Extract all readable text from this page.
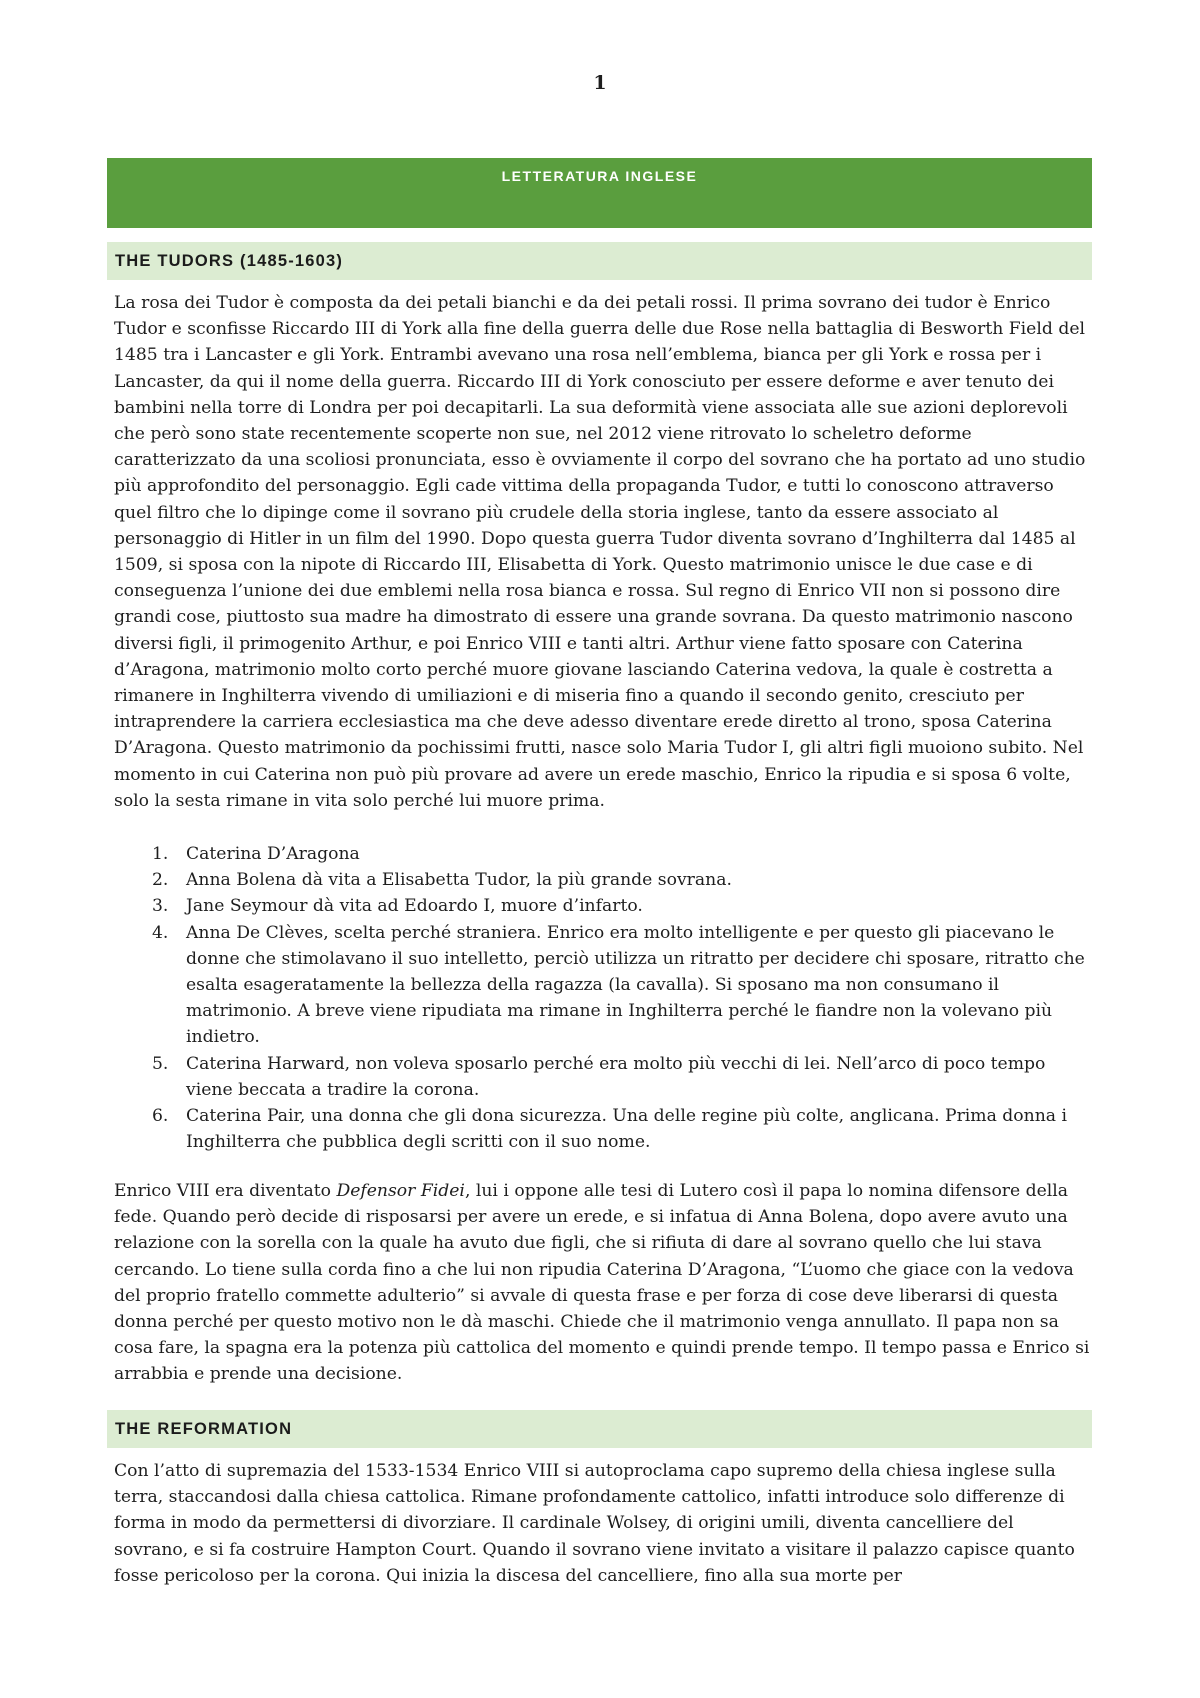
1
LETTERATURA INGLESE
THE TUDORS (1485-1603)

La rosa dei Tudor è composta da dei petali bianchi e da dei petali rossi. Il prima sovrano dei tudor è Enrico Tudor e sconfisse Riccardo III di York alla fine della guerra delle due Rose nella battaglia di Besworth Field del 1485 tra i Lancaster e gli York. Entrambi avevano una rosa nell’emblema, bianca per gli York e rossa per i Lancaster, da qui il nome della guerra. Riccardo III di York conosciuto per essere deforme e aver tenuto dei bambini nella torre di Londra per poi decapitarli. La sua deformità viene associata alle sue azioni deplorevoli che però sono state recentemente scoperte non sue, nel 2012 viene ritrovato lo scheletro deforme caratterizzato da una scoliosi pronunciata, esso è ovviamente il corpo del sovrano che ha portato ad uno studio più approfondito del personaggio. Egli cade vittima della propaganda Tudor, e tutti lo conoscono attraverso quel filtro che lo dipinge come il sovrano più crudele della storia inglese, tanto da essere associato al personaggio di Hitler in un film del 1990. Dopo questa guerra Tudor diventa sovrano d’Inghilterra dal 1485 al 1509, si sposa con la nipote di Riccardo III, Elisabetta di York. Questo matrimonio unisce le due case e di conseguenza l’unione dei due emblemi nella rosa bianca e rossa. Sul regno di Enrico VII non si possono dire grandi cose, piuttosto sua madre ha dimostrato di essere una grande sovrana. Da questo matrimonio nascono diversi figli, il primogenito Arthur, e poi Enrico VIII e tanti altri. Arthur viene fatto sposare con Caterina d’Aragona, matrimonio molto corto perché muore giovane lasciando Caterina vedova, la quale è costretta a rimanere in Inghilterra vivendo di umiliazioni e di miseria fino a quando il secondo genito, cresciuto per intraprendere la carriera ecclesiastica ma che deve adesso diventare erede diretto al trono, sposa Caterina D’Aragona. Questo matrimonio da pochissimi frutti, nasce solo Maria Tudor I, gli altri figli muoiono subito. Nel momento in cui Caterina non può più provare ad avere un erede maschio, Enrico la ripudia e si sposa 6 volte, solo la sesta rimane in vita solo perché lui muore prima.

1. Caterina D’Aragona
2. Anna Bolena dà vita a Elisabetta Tudor, la più grande sovrana.
3. Jane Seymour dà vita ad Edoardo I, muore d’infarto.
4. Anna De Clèves, scelta perché straniera. Enrico era molto intelligente e per questo gli piacevano le donne che stimolavano il suo intelletto, perciò utilizza un ritratto per decidere chi sposare, ritratto che esalta esageratamente la bellezza della ragazza (la cavalla). Si sposano ma non consumano il matrimonio. A breve viene ripudiata ma rimane in Inghilterra perché le fiandre non la volevano più indietro.
5. Caterina Harward, non voleva sposarlo perché era molto più vecchi di lei. Nell’arco di poco tempo viene beccata a tradire la corona.
6. Caterina Pair, una donna che gli dona sicurezza. Una delle regine più colte, anglicana. Prima donna i Inghilterra che pubblica degli scritti con il suo nome.

Enrico VIII era diventato Defensor Fidei, lui i oppone alle tesi di Lutero così il papa lo nomina difensore della fede. Quando però decide di risposarsi per avere un erede, e si infatua di Anna Bolena, dopo avere avuto una relazione con la sorella con la quale ha avuto due figli, che si rifiuta di dare al sovrano quello che lui stava cercando. Lo tiene sulla corda fino a che lui non ripudia Caterina D’Aragona, “L’uomo che giace con la vedova del proprio fratello commette adulterio” si avvale di questa frase e per forza di cose deve liberarsi di questa donna perché per questo motivo non le dà maschi. Chiede che il matrimonio venga annullato. Il papa non sa cosa fare, la spagna era la potenza più cattolica del momento e quindi prende tempo. Il tempo passa e Enrico si arrabbia e prende una decisione.

THE REFORMATION

Con l’atto di supremazia del 1533-1534 Enrico VIII si autoproclama capo supremo della chiesa inglese sulla terra, staccandosi dalla chiesa cattolica. Rimane profondamente cattolico, infatti introduce solo differenze di forma in modo da permettersi di divorziare. Il cardinale Wolsey, di origini umili, diventa cancelliere del sovrano, e si fa costruire Hampton Court. Quando il sovrano viene invitato a visitare il palazzo capisce quanto fosse pericoloso per la corona. Qui inizia la discesa del cancelliere, fino alla sua morte per
